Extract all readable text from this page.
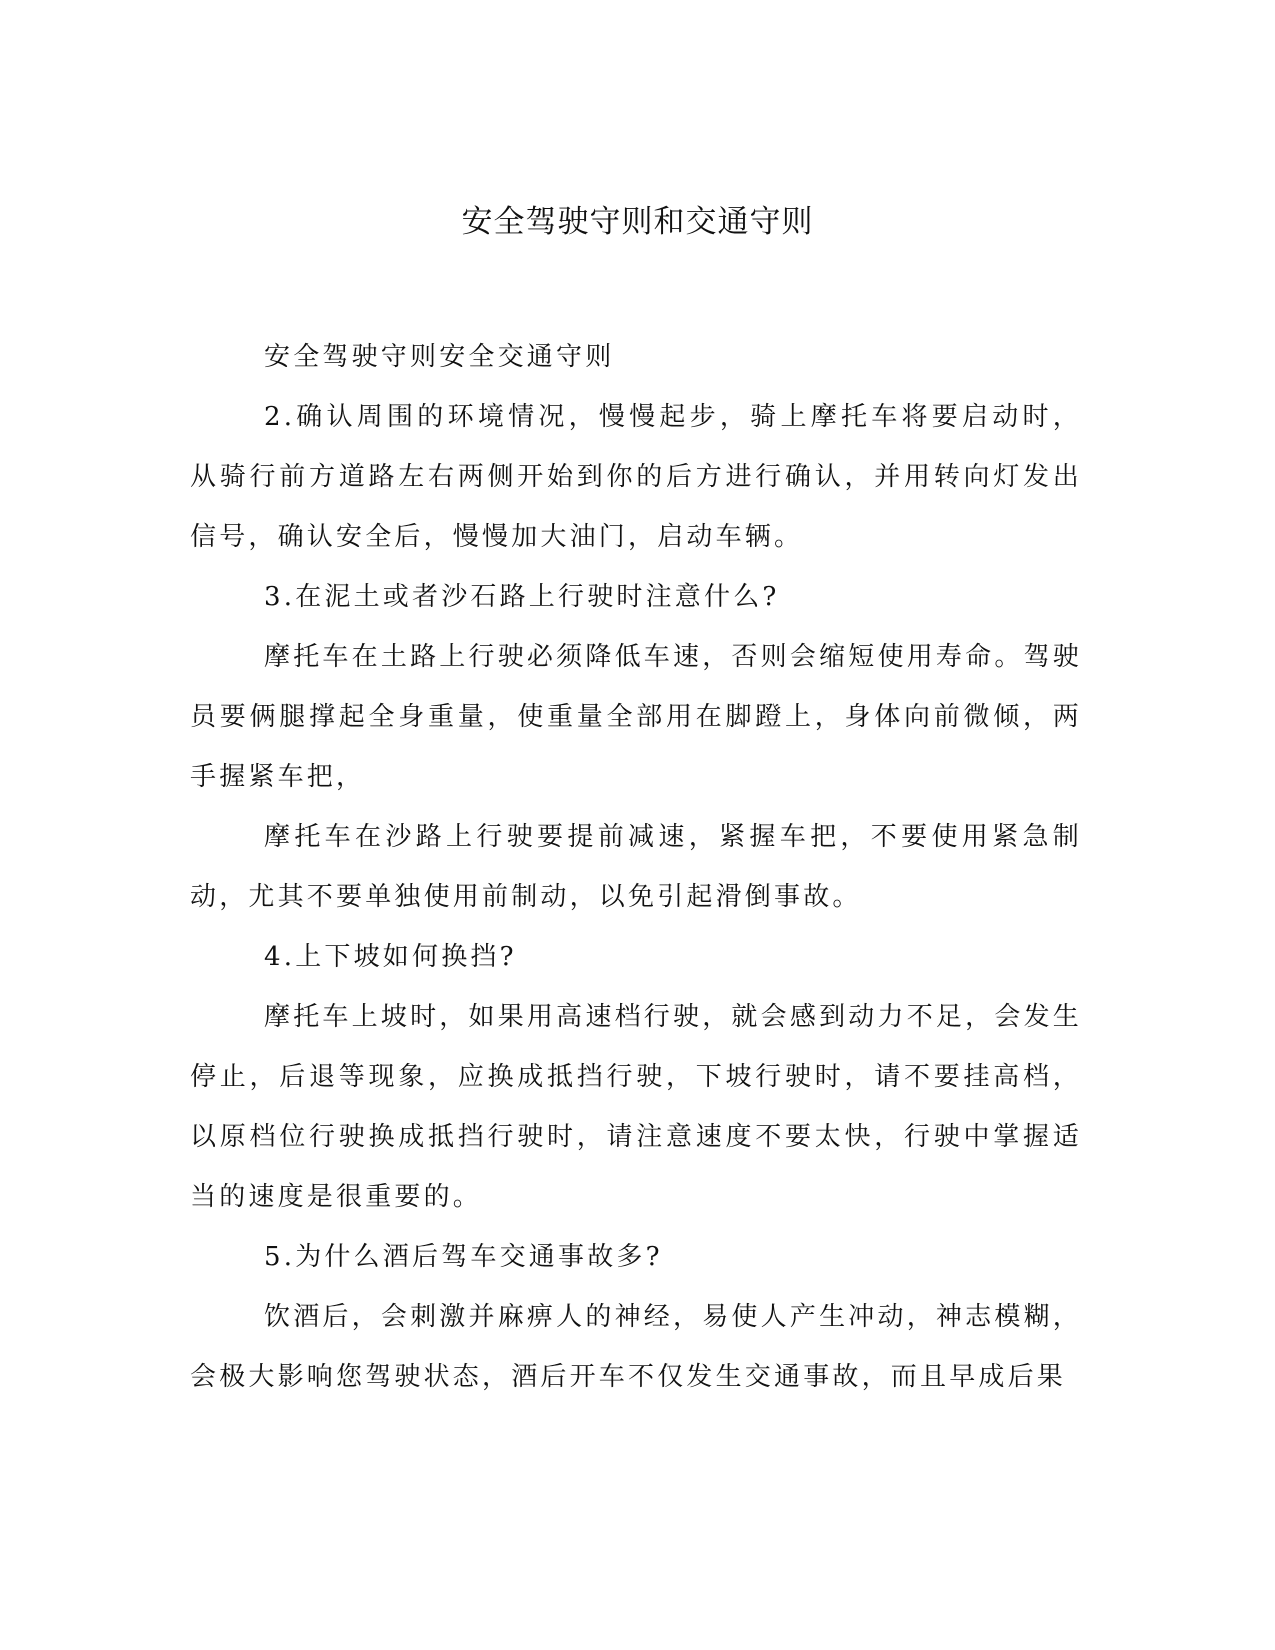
安全驾驶守则和交通守则

安全驾驶守则安全交通守则

2.确认周围的环境情况，慢慢起步，骑上摩托车将要启动时，从骑行前方道路左右两侧开始到你的后方进行确认，并用转向灯发出信号，确认安全后，慢慢加大油门，启动车辆。

3.在泥土或者沙石路上行驶时注意什么?

摩托车在土路上行驶必须降低车速，否则会缩短使用寿命。驾驶员要俩腿撑起全身重量，使重量全部用在脚蹬上，身体向前微倾，两手握紧车把，

摩托车在沙路上行驶要提前减速，紧握车把，不要使用紧急制动，尤其不要单独使用前制动，以免引起滑倒事故。

4.上下坡如何换挡?

摩托车上坡时，如果用高速档行驶，就会感到动力不足，会发生停止，后退等现象，应换成抵挡行驶，下坡行驶时，请不要挂高档，以原档位行驶换成抵挡行驶时，请注意速度不要太快，行驶中掌握适当的速度是很重要的。

5.为什么酒后驾车交通事故多?

饮酒后，会刺激并麻痹人的神经，易使人产生冲动，神志模糊，会极大影响您驾驶状态，酒后开车不仅发生交通事故，而且早成后果
